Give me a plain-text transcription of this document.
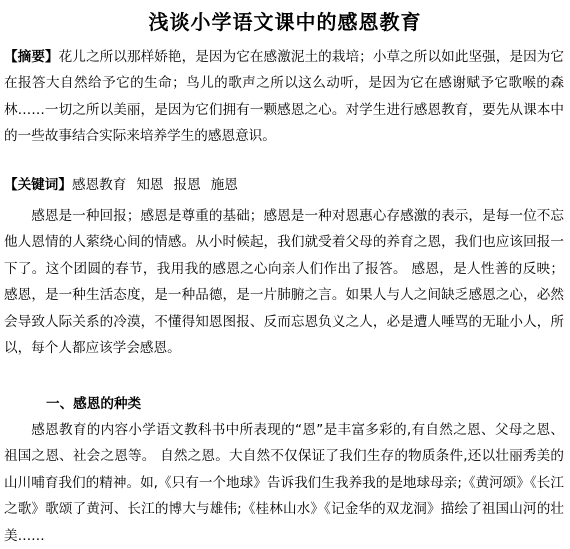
浅谈小学语文课中的感恩教育

【摘要】花儿之所以那样娇艳，是因为它在感激泥土的栽培；小草之所以如此坚强，是因为它在报答大自然给予它的生命；鸟儿的歌声之所以这么动听，是因为它在感谢赋予它歌喉的森林……一切之所以美丽，是因为它们拥有一颗感恩之心。对学生进行感恩教育，要先从课本中的一些故事结合实际来培养学生的感恩意识。

【关键词】感恩教育 知恩 报恩 施恩

感恩是一种回报；感恩是尊重的基础；感恩是一种对恩惠心存感激的表示，是每一位不忘他人恩情的人萦绕心间的情感。从小时候起，我们就受着父母的养育之恩，我们也应该回报一下了。这个团圆的春节，我用我的感恩之心向亲人们作出了报答。 感恩，是人性善的反映；感恩，是一种生活态度，是一种品德，是一片肺腑之言。如果人与人之间缺乏感恩之心，必然会导致人际关系的冷漠，不懂得知恩图报、反而忘恩负义之人，必是遭人唾骂的无耻小人，所以，每个人都应该学会感恩。

一、感恩的种类

感恩教育的内容小学语文教科书中所表现的“恩”是丰富多彩的,有自然之恩、父母之恩、祖国之恩、社会之恩等。 自然之恩。大自然不仅保证了我们生存的物质条件,还以壮丽秀美的山川哺育我们的精神。如,《只有一个地球》告诉我们生我养我的是地球母亲;《黄河颂》《长江之歌》歌颂了黄河、长江的博大与雄伟;《桂林山水》《记金华的双龙洞》描绘了祖国山河的壮美……
